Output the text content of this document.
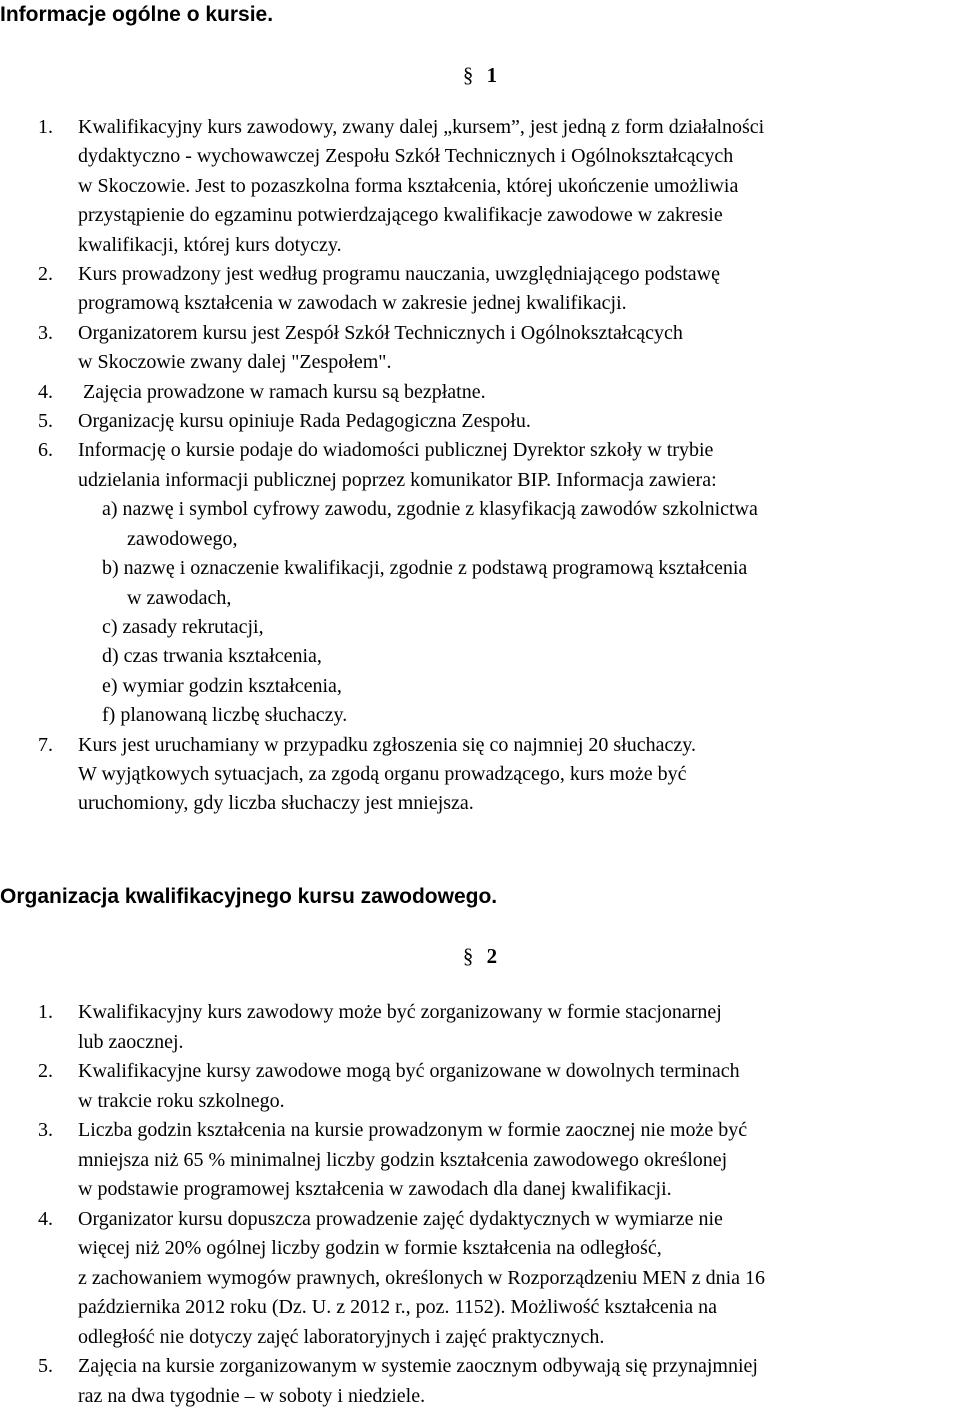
Informacje ogólne o kursie.
§ 1
1. Kwalifikacyjny kurs zawodowy, zwany dalej „kursem”, jest jedną z form działalności
dydaktyczno - wychowawczej Zespołu Szkół Technicznych i Ogólnokształcących
w Skoczowie. Jest to pozaszkolna forma kształcenia, której ukończenie umożliwia
przystąpienie do egzaminu potwierdzającego kwalifikacje zawodowe w zakresie
kwalifikacji, której kurs dotyczy.
2. Kurs prowadzony jest według programu nauczania, uwzględniającego podstawę
programową kształcenia w zawodach w zakresie jednej kwalifikacji.
3. Organizatorem kursu jest Zespół Szkół Technicznych i Ogólnokształcących
w Skoczowie zwany dalej "Zespołem".
4. Zajęcia prowadzone w ramach kursu są bezpłatne.
5. Organizację kursu opiniuje Rada Pedagogiczna Zespołu.
6. Informację o kursie podaje do wiadomości publicznej Dyrektor szkoły w trybie
udzielania informacji publicznej poprzez komunikator BIP. Informacja zawiera:
a) nazwę i symbol cyfrowy zawodu, zgodnie z klasyfikacją zawodów szkolnictwa
zawodowego,
b) nazwę i oznaczenie kwalifikacji, zgodnie z podstawą programową kształcenia
w zawodach,
c) zasady rekrutacji,
d) czas trwania kształcenia,
e) wymiar godzin kształcenia,
f) planowaną liczbę słuchaczy.
7. Kurs jest uruchamiany w przypadku zgłoszenia się co najmniej 20 słuchaczy.
W wyjątkowych sytuacjach, za zgodą organu prowadzącego, kurs może być
uruchomiony, gdy liczba słuchaczy jest mniejsza.
Organizacja kwalifikacyjnego kursu zawodowego.
§ 2
1. Kwalifikacyjny kurs zawodowy może być zorganizowany w formie stacjonarnej
lub zaocznej.
2. Kwalifikacyjne kursy zawodowe mogą być organizowane w dowolnych terminach
w trakcie roku szkolnego.
3. Liczba godzin kształcenia na kursie prowadzonym w formie zaocznej nie może być
mniejsza niż 65 % minimalnej liczby godzin kształcenia zawodowego określonej
w podstawie programowej kształcenia w zawodach dla danej kwalifikacji.
4. Organizator kursu dopuszcza prowadzenie zajęć dydaktycznych w wymiarze nie
więcej niż 20% ogólnej liczby godzin w formie kształcenia na odległość,
z zachowaniem wymogów prawnych, określonych w Rozporządzeniu MEN z dnia 16
października 2012 roku (Dz. U. z 2012 r., poz. 1152). Możliwość kształcenia na
odległość nie dotyczy zajęć laboratoryjnych i zajęć praktycznych.
5. Zajęcia na kursie zorganizowanym w systemie zaocznym odbywają się przynajmniej
raz na dwa tygodnie – w soboty i niedziele.
